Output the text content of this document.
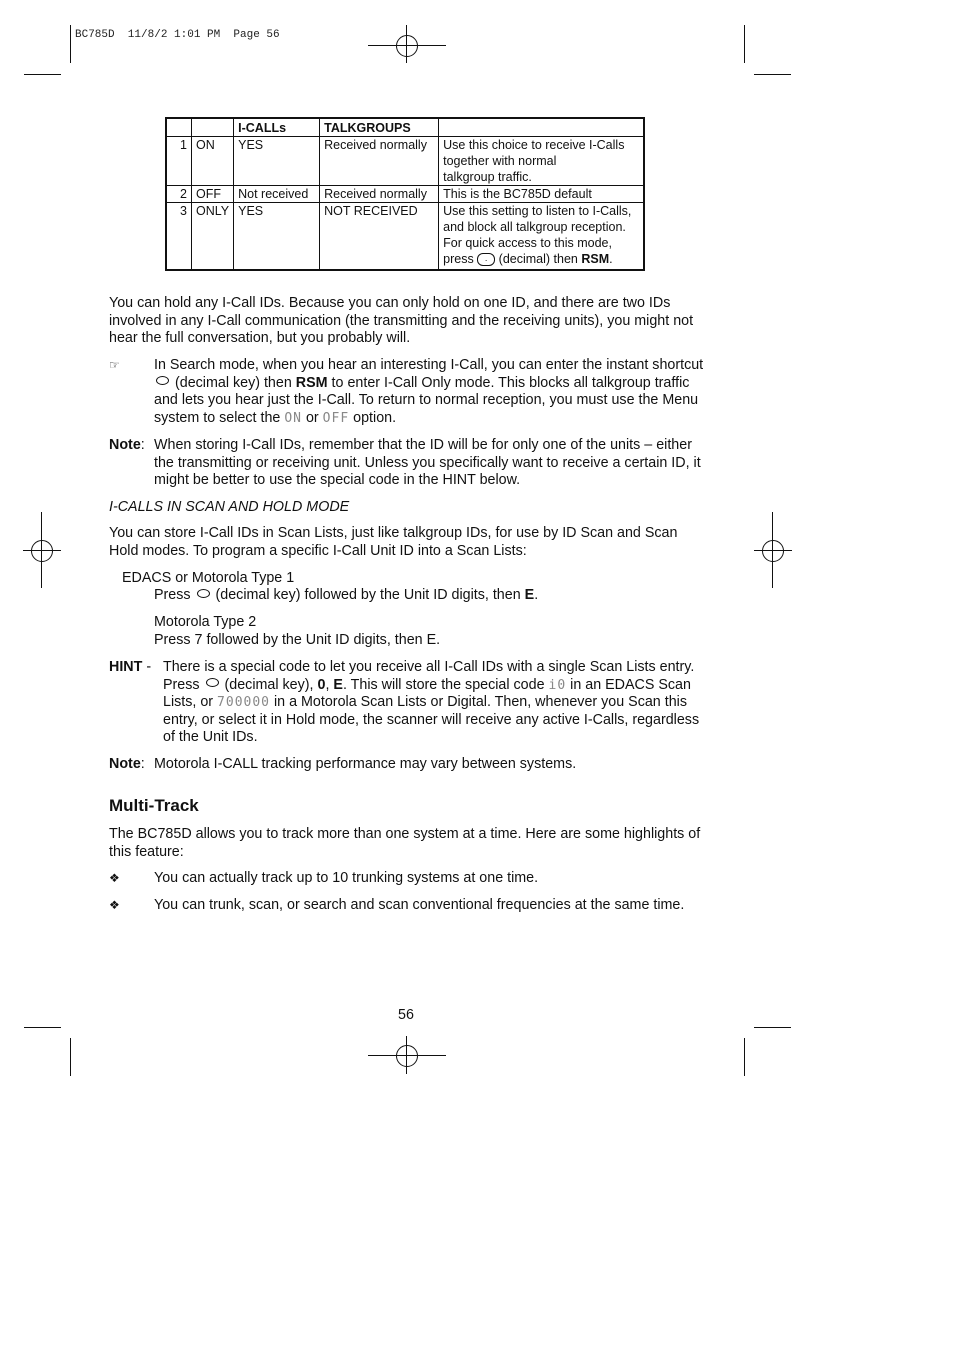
BC785D  11/8/2 1:01 PM  Page 56
		I-CALLs	TALKGROUPS	
1	ON	YES	Received normally	Use this choice to receive I-Calls
together with normal
talkgroup traffic.

2	OFF	Not received	Received normally	This is the BC785D default

3	ONLY	YES	NOT RECEIVED	Use this setting to listen to I-Calls,
and block all talkgroup reception.
For quick access to this mode,
press . (decimal) then RSM.
You can hold any I-Call IDs. Because you can only hold on one ID, and there are two IDs involved in any I-Call communication (the transmitting and the receiving units), you might not hear the full conversation, but you probably will.
☞ In Search mode, when you hear an interesting I-Call, you can enter the instant shortcut  (decimal key) then RSM to enter I-Call Only mode. This blocks all talkgroup traffic and lets you hear just the I-Call. To return to normal reception, you must use the Menu system to select the ON or OFF option.
Note: When storing I-Call IDs, remember that the ID will be for only one of the units – either the transmitting or receiving unit. Unless you specifically want to receive a certain ID, it might be better to use the special code in the HINT below.
I-CALLS IN SCAN AND HOLD MODE
You can store I-Call IDs in Scan Lists, just like talkgroup IDs, for use by ID Scan and Scan Hold modes. To program a specific I-Call Unit ID into a Scan Lists:
EDACS or Motorola Type 1
Press (decimal key) followed by the Unit ID digits, then E.
Motorola Type 2
Press 7 followed by the Unit ID digits, then E.
HINT - There is a special code to let you receive all I-Call IDs with a single Scan Lists entry. Press (decimal key), 0, E. This will store the special code i0 in an EDACS Scan Lists, or 700000 in a Motorola Scan Lists or Digital. Then, whenever you Scan this entry, or select it in Hold mode, the scanner will receive any active I-Calls, regardless of the Unit IDs.
Note: Motorola I-CALL tracking performance may vary between systems.
Multi-Track
The BC785D allows you to track more than one system at a time. Here are some highlights of this feature:
❖ You can actually track up to 10 trunking systems at one time.
❖ You can trunk, scan, or search and scan conventional frequencies at the same time.
56
